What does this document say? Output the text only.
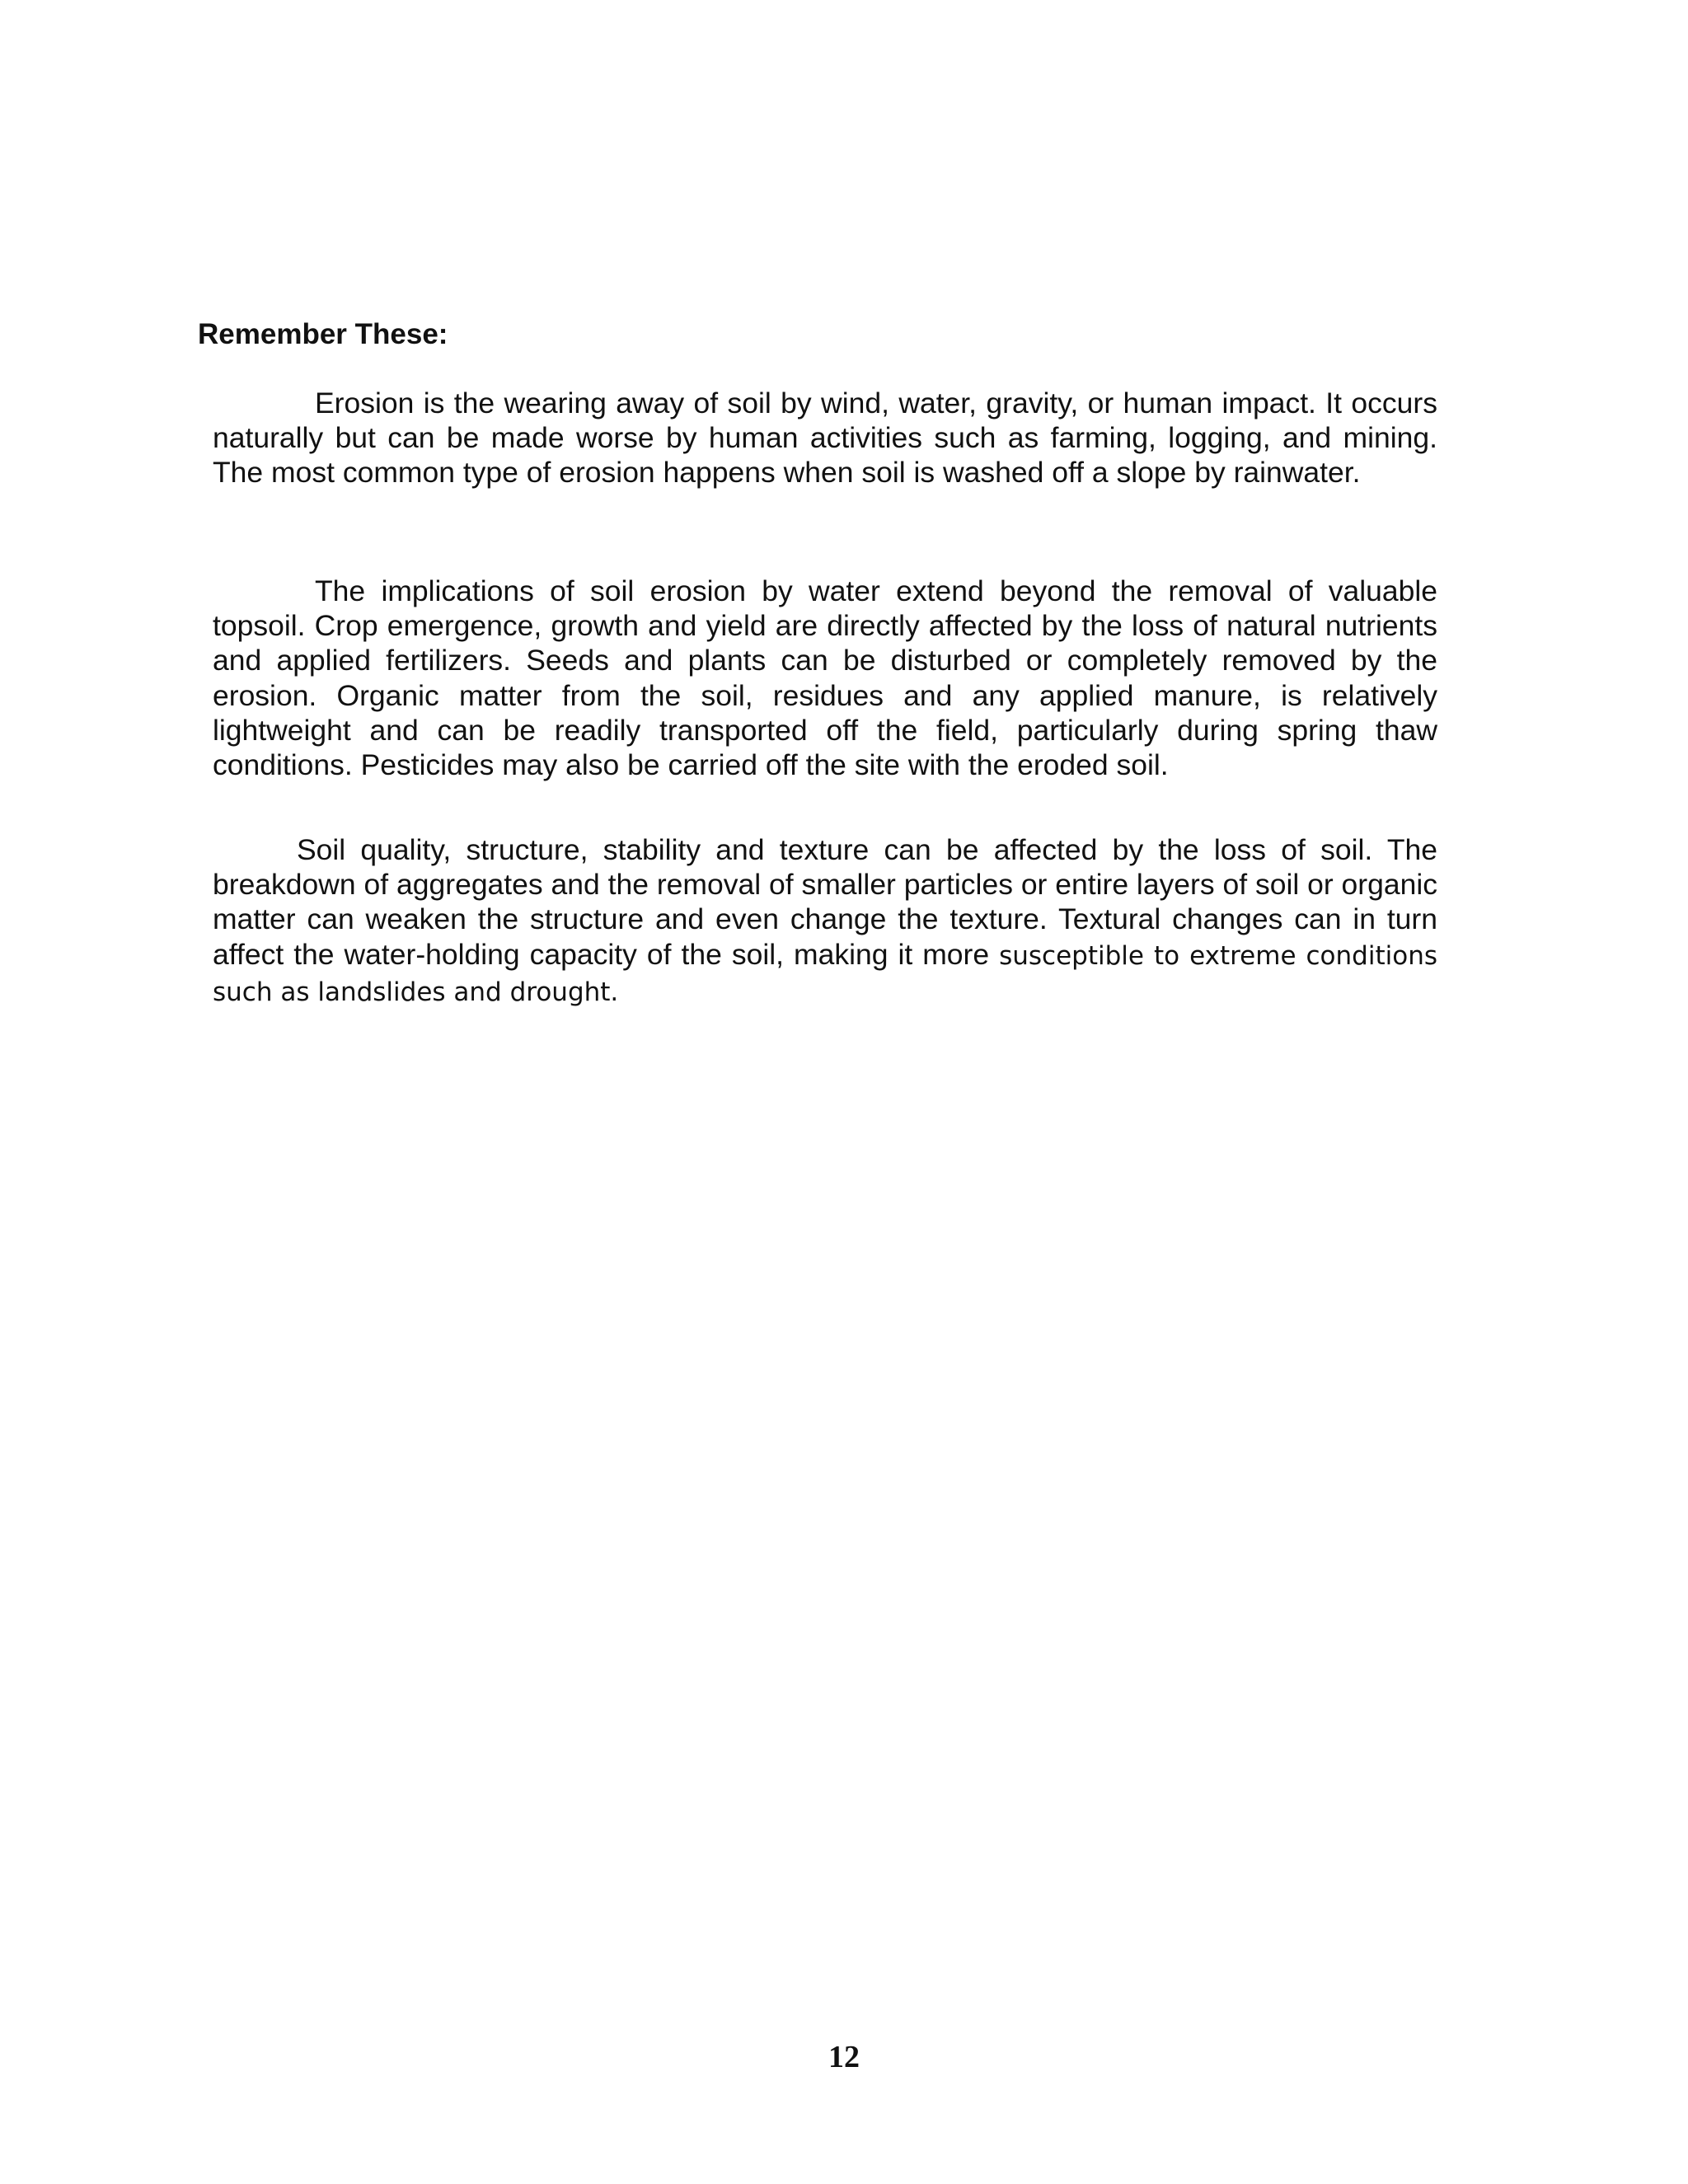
Remember These:

Erosion is the wearing away of soil by wind, water, gravity, or human impact. It occurs naturally but can be made worse by human activities such as farming, logging, and mining. The most common type of erosion happens when soil is washed off a slope by rainwater.

The implications of soil erosion by water extend beyond the removal of valuable topsoil. Crop emergence, growth and yield are directly affected by the loss of natural nutrients and applied fertilizers. Seeds and plants can be disturbed or completely removed by the erosion. Organic matter from the soil, residues and any applied manure, is relatively lightweight and can be readily transported off the field, particularly during spring thaw conditions. Pesticides may also be carried off the site with the eroded soil.

Soil quality, structure, stability and texture can be affected by the loss of soil. The breakdown of aggregates and the removal of smaller particles or entire layers of soil or organic matter can weaken the structure and even change the texture. Textural changes can in turn affect the water-holding capacity of the soil, making it more susceptible to extreme conditions such as landslides and drought.

12
